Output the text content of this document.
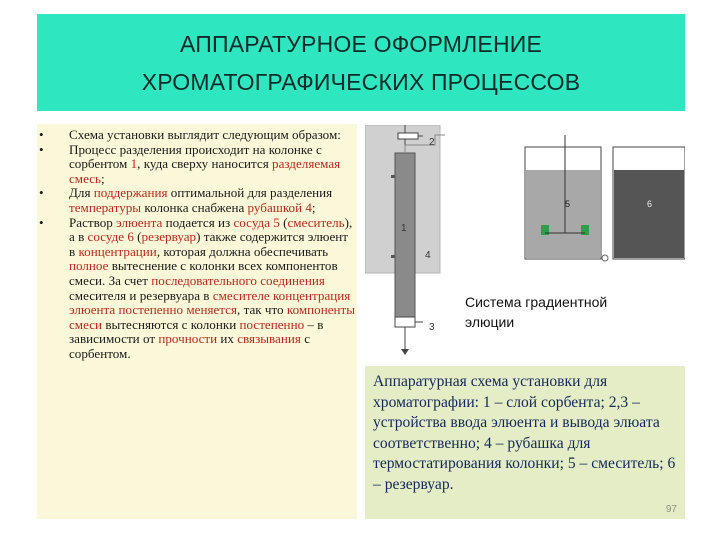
АППАРАТУРНОЕ ОФОРМЛЕНИЕ
ХРОМАТОГРАФИЧЕСКИХ ПРОЦЕССОВ
• Схема установки выглядит следующим образом:
• Процесс разделения происходит на колонке с сорбентом 1, куда сверху наносится разделяемая смесь;
• Для поддержания оптимальной для разделения температуры колонка снабжена рубашкой 4;
• Раствор элюента подается из сосуда 5 (смеситель), а в сосуде 6 (резервуар) также содержится элюент в концентрации, которая должна обеспечивать полное вытеснение с колонки всех компонентов смеси. За счет последовательного соединения смесителя и резервуара в смесителе концентрация элюента постепенно меняется, так что компоненты смеси вытесняются с колонки постепенно – в зависимости от прочности их связывания с сорбентом.
2
1
4
3
5	6
Система градиентной
элюции

Аппаратурная схема установки для хроматографии: 1 – слой сорбента; 2,3 – устройства ввода элюента и вывода элюата соответственно; 4 – рубашка для термостатирования колонки; 5 – смеситель; 6 – резервуар.

97
